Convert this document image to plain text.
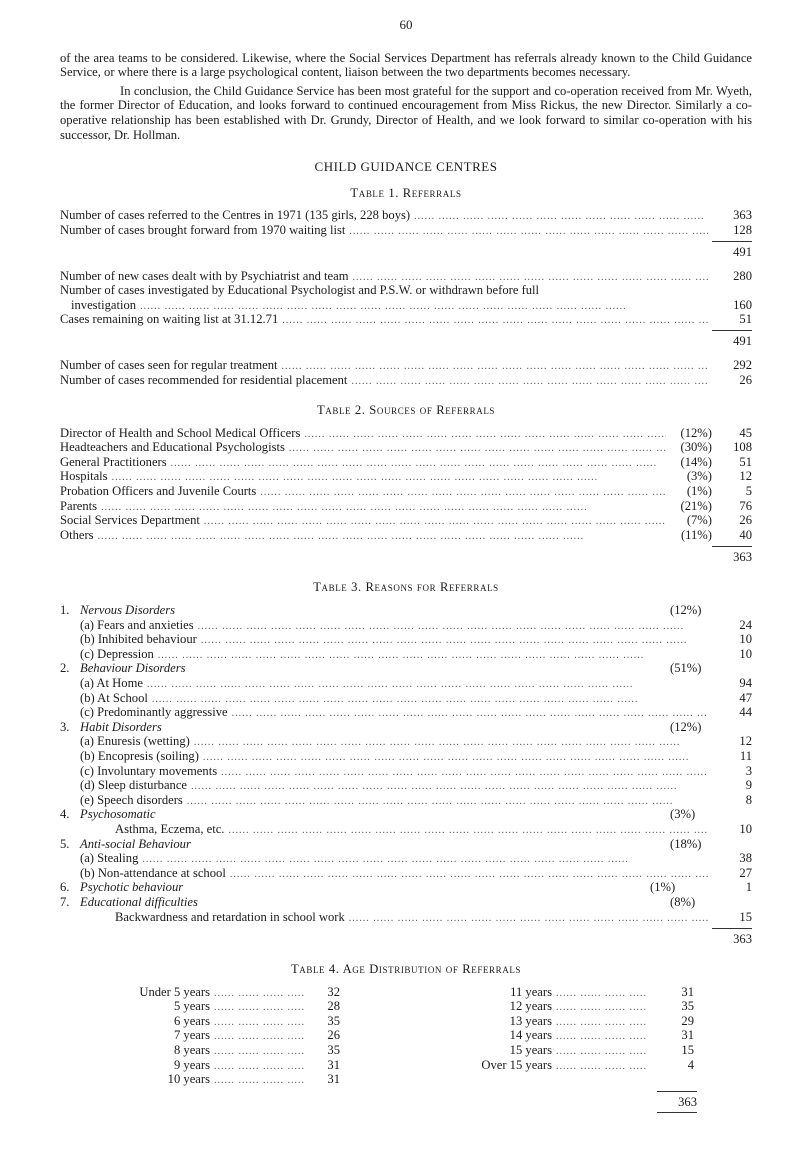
60

of the area teams to be considered. Likewise, where the Social Services Department has referrals already known to the Child Guidance Service, or where there is a large psychological content, liaison between the two departments becomes necessary.

In conclusion, the Child Guidance Service has been most grateful for the support and co-operation received from Mr. Wyeth, the former Director of Education, and looks forward to continued encouragement from Miss Rickus, the new Director. Similarly a co-operative relationship has been established with Dr. Grundy, Director of Health, and we look forward to similar co-operation with his successor, Dr. Hollman.

CHILD GUIDANCE CENTRES
Table 1. Referrals
Number of cases referred to the Centres in 1971 (135 girls, 228 boys) .....	363
Number of cases brought forward from 1970 waiting list .....	128
491
Number of new cases dealt with by Psychiatrist and team .....	280
Number of cases investigated by Educational Psychologist and P.S.W. or withdrawn before full
investigation .....	160
Cases remaining on waiting list at 31.12.71 .....	51
491
Number of cases seen for regular treatment .....	292
Number of cases recommended for residential placement .....	26
Table 2. Sources of Referrals
Director of Health and School Medical Officers .....	(12%)	45
Headteachers and Educational Psychologists .....	(30%)	108
General Practitioners .....	(14%)	51
Hospitals .....	(3%)	12
Probation Officers and Juvenile Courts .....	(1%)	5
Parents .....	(21%)	76
Social Services Department .....	(7%)	26
Others .....	(11%)	40
363
Table 3. Reasons for Referrals
1. Nervous Disorders	(12%)
(a) Fears and anxieties .....	24
(b) Inhibited behaviour .....	10
(c) Depression .....	10
2. Behaviour Disorders	(51%)
(a) At Home .....	94
(b) At School .....	47
(c) Predominantly aggressive .....	44
3. Habit Disorders	(12%)
(a) Enuresis (wetting) .....	12
(b) Encopresis (soiling) .....	11
(c) Involuntary movements .....	3
(d) Sleep disturbance .....	9
(e) Speech disorders .....	8
4. Psychosomatic	(3%)
Asthma, Eczema, etc. .....	10
5. Anti-social Behaviour	(18%)
(a) Stealing .....	38
(b) Non-attendance at school .....	27
6. Psychotic behaviour	(1%)	1
7. Educational difficulties	(8%)
Backwardness and retardation in school work .....	15
363
Table 4. Age Distribution of Referrals
Under 5 years .....	32
5 years .....	28
6 years .....	35
7 years .....	26
8 years .....	35
9 years .....	31
10 years .....	31
11 years .....	31
12 years .....	35
13 years .....	29
14 years .....	31
15 years .....	15
Over 15 years .....	4
363
